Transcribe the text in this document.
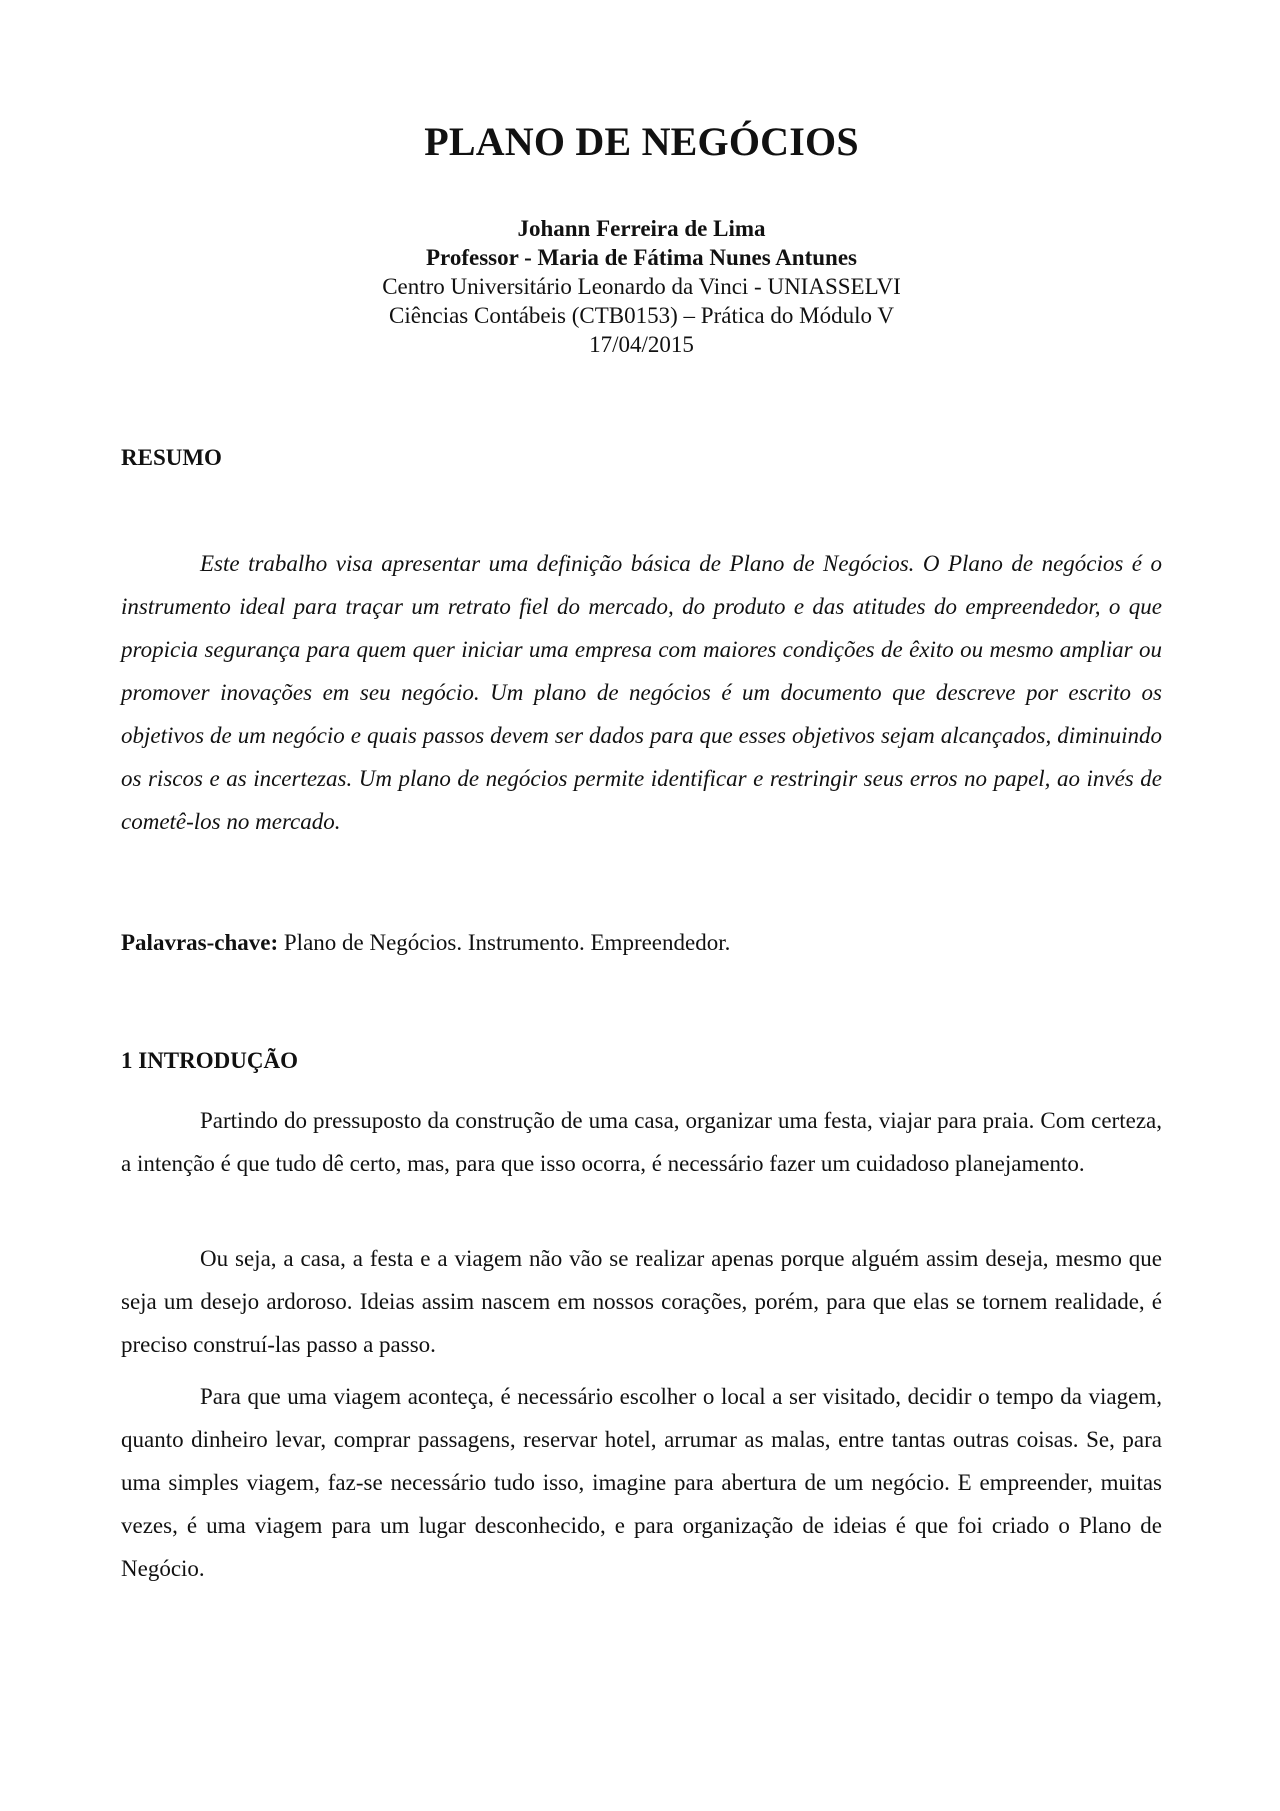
PLANO DE NEGÓCIOS
Johann Ferreira de Lima
Professor - Maria de Fátima Nunes Antunes
Centro Universitário Leonardo da Vinci - UNIASSELVI
Ciências Contábeis (CTB0153) – Prática do Módulo V
17/04/2015
RESUMO

Este trabalho visa apresentar uma definição básica de Plano de Negócios. O Plano de negócios é o instrumento ideal para traçar um retrato fiel do mercado, do produto e das atitudes do empreendedor, o que propicia segurança para quem quer iniciar uma empresa com maiores condições de êxito ou mesmo ampliar ou promover inovações em seu negócio. Um plano de negócios é um documento que descreve por escrito os objetivos de um negócio e quais passos devem ser dados para que esses objetivos sejam alcançados, diminuindo os riscos e as incertezas. Um plano de negócios permite identificar e restringir seus erros no papel, ao invés de cometê-los no mercado.

Palavras-chave: Plano de Negócios. Instrumento. Empreendedor.

1 INTRODUÇÃO

Partindo do pressuposto da construção de uma casa, organizar uma festa, viajar para praia. Com certeza, a intenção é que tudo dê certo, mas, para que isso ocorra, é necessário fazer um cuidadoso planejamento.

Ou seja, a casa, a festa e a viagem não vão se realizar apenas porque alguém assim deseja, mesmo que seja um desejo ardoroso. Ideias assim nascem em nossos corações, porém, para que elas se tornem realidade, é preciso construí-las passo a passo.

Para que uma viagem aconteça, é necessário escolher o local a ser visitado, decidir o tempo da viagem, quanto dinheiro levar, comprar passagens, reservar hotel, arrumar as malas, entre tantas outras coisas. Se, para uma simples viagem, faz-se necessário tudo isso, imagine para abertura de um negócio. E empreender, muitas vezes, é uma viagem para um lugar desconhecido, e para organização de ideias é que foi criado o Plano de Negócio.
